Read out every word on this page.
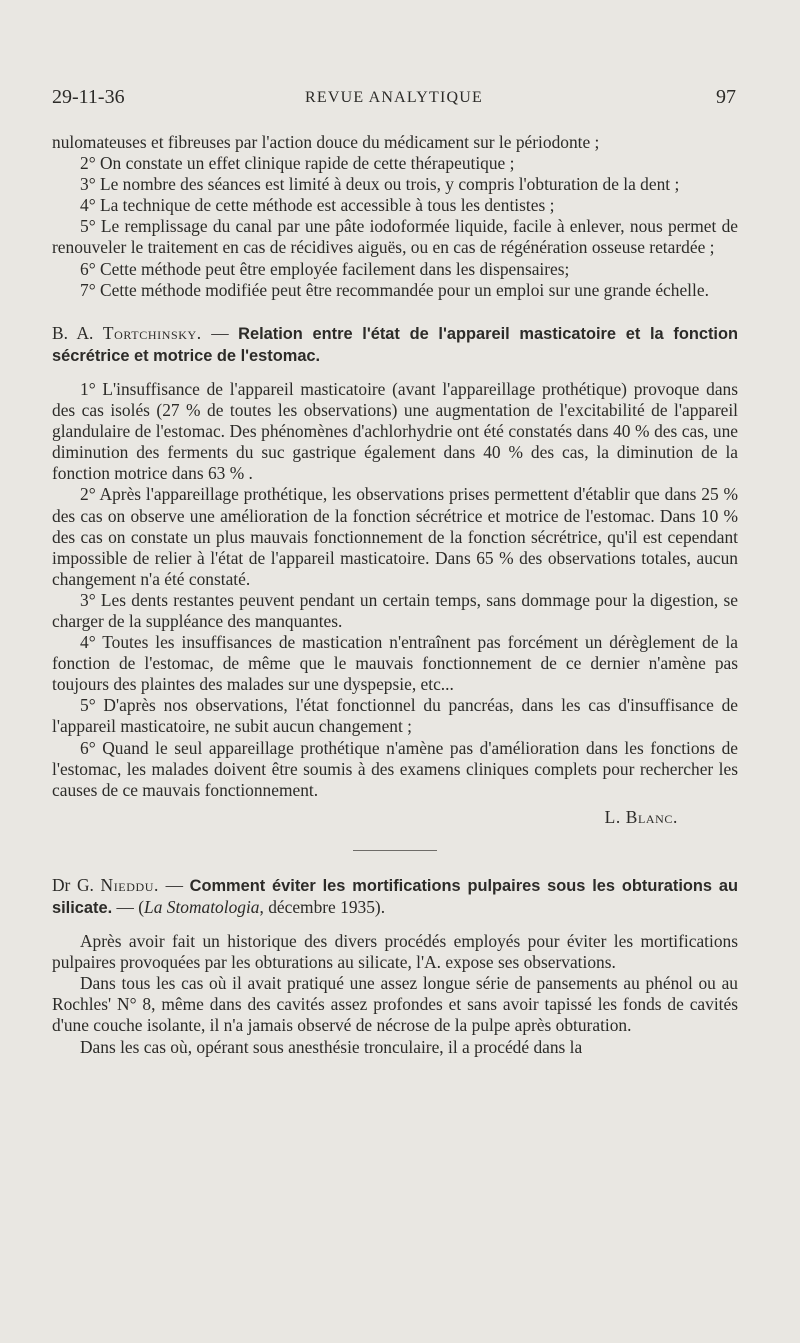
29-11-36	REVUE ANALYTIQUE	97

nulomateuses et fibreuses par l'action douce du médicament sur le périodonte ;

2° On constate un effet clinique rapide de cette thérapeutique ;

3° Le nombre des séances est limité à deux ou trois, y compris l'obturation de la dent ;

4° La technique de cette méthode est accessible à tous les dentistes ;

5° Le remplissage du canal par une pâte iodoformée liquide, facile à enlever, nous permet de renouveler le traitement en cas de récidives aiguës, ou en cas de régénération osseuse retardée ;

6° Cette méthode peut être employée facilement dans les dispensaires;

7° Cette méthode modifiée peut être recommandée pour un emploi sur une grande échelle.

B. A. Tortchinsky. — Relation entre l'état de l'appareil masticatoire et la fonction sécrétrice et motrice de l'estomac.

1° L'insuffisance de l'appareil masticatoire (avant l'appareillage prothétique) provoque dans des cas isolés (27 % de toutes les observations) une augmentation de l'excitabilité de l'appareil glandulaire de l'estomac. Des phénomènes d'achlorhydrie ont été constatés dans 40 % des cas, une diminution des ferments du suc gastrique également dans 40 % des cas, la diminution de la fonction motrice dans 63 % .

2° Après l'appareillage prothétique, les observations prises permettent d'établir que dans 25 % des cas on observe une amélioration de la fonction sécrétrice et motrice de l'estomac. Dans 10 % des cas on constate un plus mauvais fonctionnement de la fonction sécrétrice, qu'il est cependant impossible de relier à l'état de l'appareil masticatoire. Dans 65 % des observations totales, aucun changement n'a été constaté.

3° Les dents restantes peuvent pendant un certain temps, sans dommage pour la digestion, se charger de la suppléance des manquantes.

4° Toutes les insuffisances de mastication n'entraînent pas forcément un dérèglement de la fonction de l'estomac, de même que le mauvais fonctionnement de ce dernier n'amène pas toujours des plaintes des malades sur une dyspepsie, etc...

5° D'après nos observations, l'état fonctionnel du pancréas, dans les cas d'insuffisance de l'appareil masticatoire, ne subit aucun changement ;

6° Quand le seul appareillage prothétique n'amène pas d'amélioration dans les fonctions de l'estomac, les malades doivent être soumis à des examens cliniques complets pour rechercher les causes de ce mauvais fonctionnement.

L. Blanc.

Dr G. Nieddu. — Comment éviter les mortifications pulpaires sous les obturations au silicate. — (La Stomatologia, décembre 1935).

Après avoir fait un historique des divers procédés employés pour éviter les mortifications pulpaires provoquées par les obturations au silicate, l'A. expose ses observations.

Dans tous les cas où il avait pratiqué une assez longue série de pansements au phénol ou au Rochles' N° 8, même dans des cavités assez profondes et sans avoir tapissé les fonds de cavités d'une couche isolante, il n'a jamais observé de nécrose de la pulpe après obturation.

Dans les cas où, opérant sous anesthésie tronculaire, il a procédé dans la
